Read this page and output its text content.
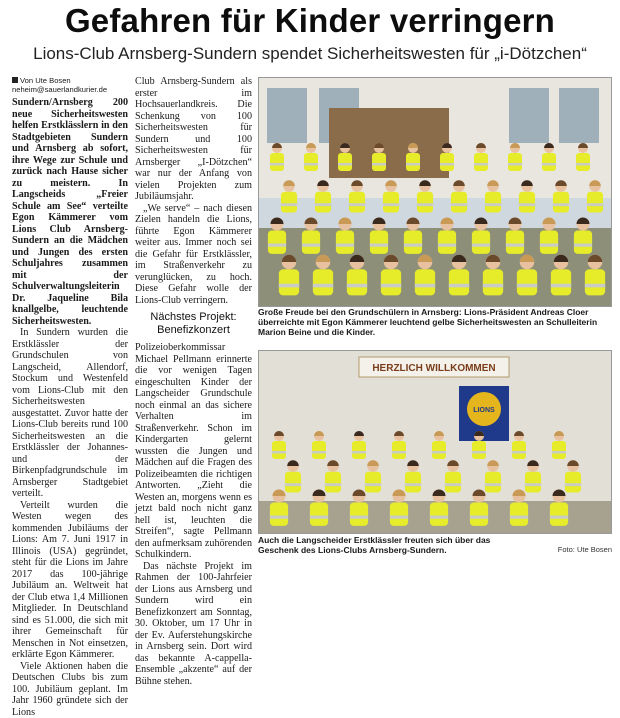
Gefahren für Kinder verringern
Lions-Club Arnsberg-Sundern spendet Sicherheitswesten für „i-Dötzchen“
Von Ute Bosen
neheim@sauerlandkurier.de

Sundern/Arnsberg 200 neue Sicherheitswesten helfen Erstklässlern in den Stadtgebieten Sundern und Arnsberg ab sofort, ihre Wege zur Schule und zurück nach Hause sicher zu meistern. In Langscheids „Freier Schule am See“ verteilte Egon Kämmerer vom Lions Club Arnsberg-Sundern an die Mädchen und Jungen des ersten Schuljahres zusammen mit der Schulverwaltungsleiterin Dr. Jaqueline Bila knallgelbe, leuchtende Sicherheitswesten.

In Sundern wurden die Erstklässler der Grundschulen von Langscheid, Allendorf, Stockum und Westenfeld vom Lions-Club mit den Sicherheitswesten ausgestattet. Zuvor hatte der Lions-Club bereits rund 100 Sicherheitswesten an die Erstklässler der Johannes- und der Birkenpfadgrundschule im Arnsberger Stadtgebiet verteilt.

Verteilt wurden die Westen wegen des kommenden Jubiläums der Lions: Am 7. Juni 1917 in Illinois (USA) gegründet, steht für die Lions im Jahre 2017 das 100-jährige Jubiläum an. Weltweit hat der Club etwa 1,4 Millionen Mitglieder. In Deutschland sind es 51.000, die sich mit ihrer Gemeinschaft für Menschen in Not einsetzen, erklärte Egon Kämmerer.

Viele Aktionen haben die Deutschen Clubs bis zum 100. Jubiläum geplant. Im Jahr 1960 gründete sich der Lions

Club Arnsberg-Sundern als erster im Hochsauerlandkreis. Die Schenkung von 100 Sicherheitswesten für Sundern und 100 Sicherheitswesten für Arnsberger „I-Dötzchen“ war nur der Anfang von vielen Projekten zum Jubiläumsjahr.

„We serve“ – nach diesen Zielen handeln die Lions, führte Egon Kämmerer weiter aus. Immer noch sei die Gefahr für Erstklässler, im Straßenverkehr zu verunglücken, zu hoch. Diese Gefahr wolle der Lions-Club verringern.

Nächstes Projekt: Benefizkonzert

Polizeioberkommissar Michael Pellmann erinnerte die vor wenigen Tagen eingeschulten Kinder der Langscheider Grundschule noch einmal an das sichere Verhalten im Straßenverkehr. Schon im Kindergarten gelernt wussten die Jungen und Mädchen auf die Fragen des Polizeibeamten die richtigen Antworten. „Zieht die Westen an, morgens wenn es jetzt bald noch nicht ganz hell ist, leuchten die Streifen“, sagte Pellmann den aufmerksam zuhörenden Schulkindern.

Das nächste Projekt im Rahmen der 100-Jahrfeier der Lions aus Arnsberg und Sundern wird ein Benefizkonzert am Sonntag, 30. Oktober, um 17 Uhr in der Ev. Auferstehungskirche in Arnsberg sein. Dort wird das bekannte A-cappella-Ensemble „akzente“ auf der Bühne stehen.

Große Freude bei den Grundschülern in Arnsberg: Lions-Präsident Andreas Cloer überreichte mit Egon Kämmerer leuchtend gelbe Sicherheitswesten an Schulleiterin Marion Beine und die Kinder.
HERZLICH WILLKOMMEN
LIONS
Auch die Langscheider Erstklässler freuten sich über das Geschenk des Lions-Clubs Arnsberg-Sundern.	Foto: Ute Bosen
